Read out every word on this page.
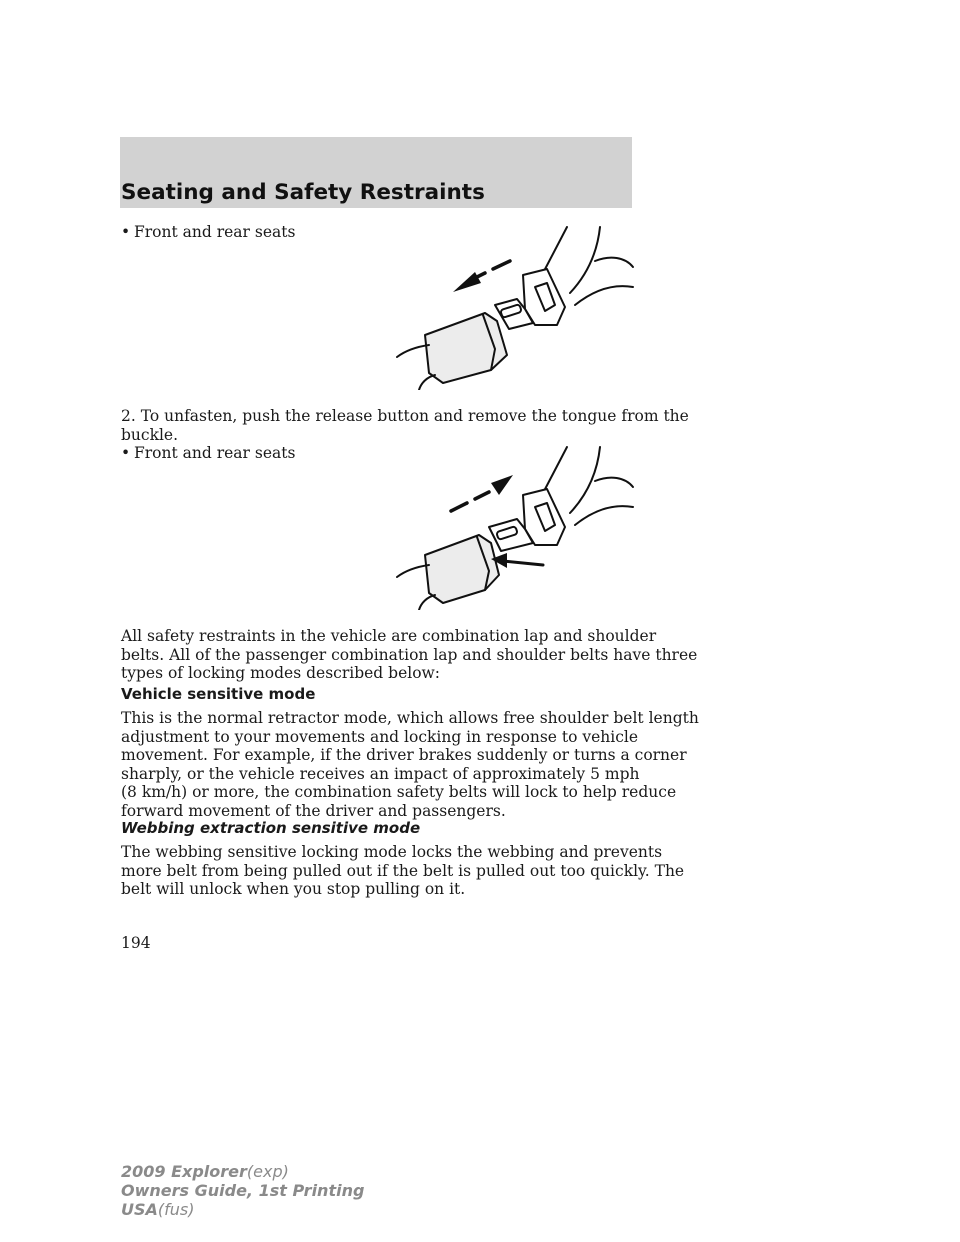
Seating and Safety Restraints
• Front and rear seats
2. To unfasten, push the release button and remove the tongue from the
buckle.
• Front and rear seats
All safety restraints in the vehicle are combination lap and shoulder
belts. All of the passenger combination lap and shoulder belts have three
types of locking modes described below:
Vehicle sensitive mode
This is the normal retractor mode, which allows free shoulder belt length
adjustment to your movements and locking in response to vehicle
movement. For example, if the driver brakes suddenly or turns a corner
sharply, or the vehicle receives an impact of approximately 5 mph
(8 km/h) or more, the combination safety belts will lock to help reduce
forward movement of the driver and passengers.
Webbing extraction sensitive mode
The webbing sensitive locking mode locks the webbing and prevents
more belt from being pulled out if the belt is pulled out too quickly. The
belt will unlock when you stop pulling on it.
194
2009 Explorer(exp)
Owners Guide, 1st Printing
USA(fus)
